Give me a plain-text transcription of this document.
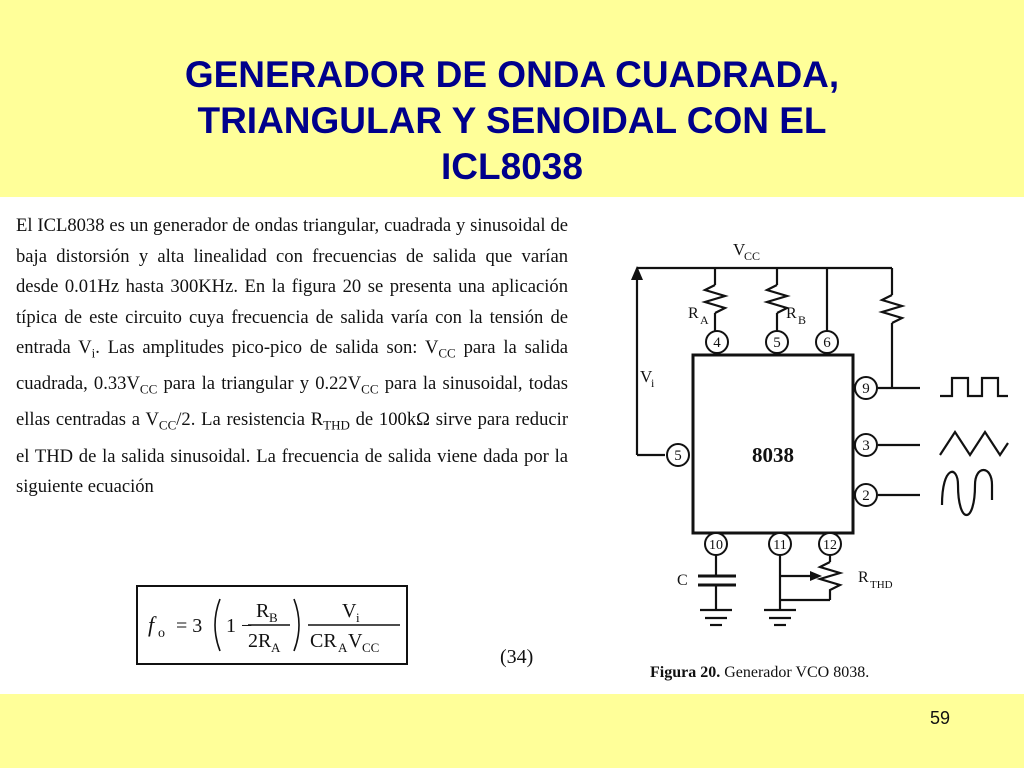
GENERADOR DE ONDA CUADRADA,
TRIANGULAR Y SENOIDAL CON EL
ICL8038

El ICL8038 es un generador de ondas triangular, cuadrada y sinusoidal de baja distorsión y alta linealidad con frecuencias de salida que varían desde 0.01Hz hasta 300KHz. En la figura 20 se presenta una aplicación típica de este circuito cuya frecuencia de salida varía con la tensión de entrada $V_i$. Las amplitudes pico-pico de salida son: $V_{CC}$ para la salida cuadrada, $0.33V_{CC}$ para la triangular y $0.22V_{CC}$ para la sinusoidal, todas ellas centradas a $V_{CC}/2$. La resistencia $R_{THD}$ de 100kΩ sirve para reducir el THD de la salida sinusoidal. La frecuencia de salida viene dada por la siguiente ecuación

f o = 3 1 −
R B
2R A
V i
CR A V CC	(34)
4	5	6
9
3
2
5
10	11	12
V
CC
R A	R B
V
i
8038
C	R THD
Figura 20. Generador VCO 8038.
59
